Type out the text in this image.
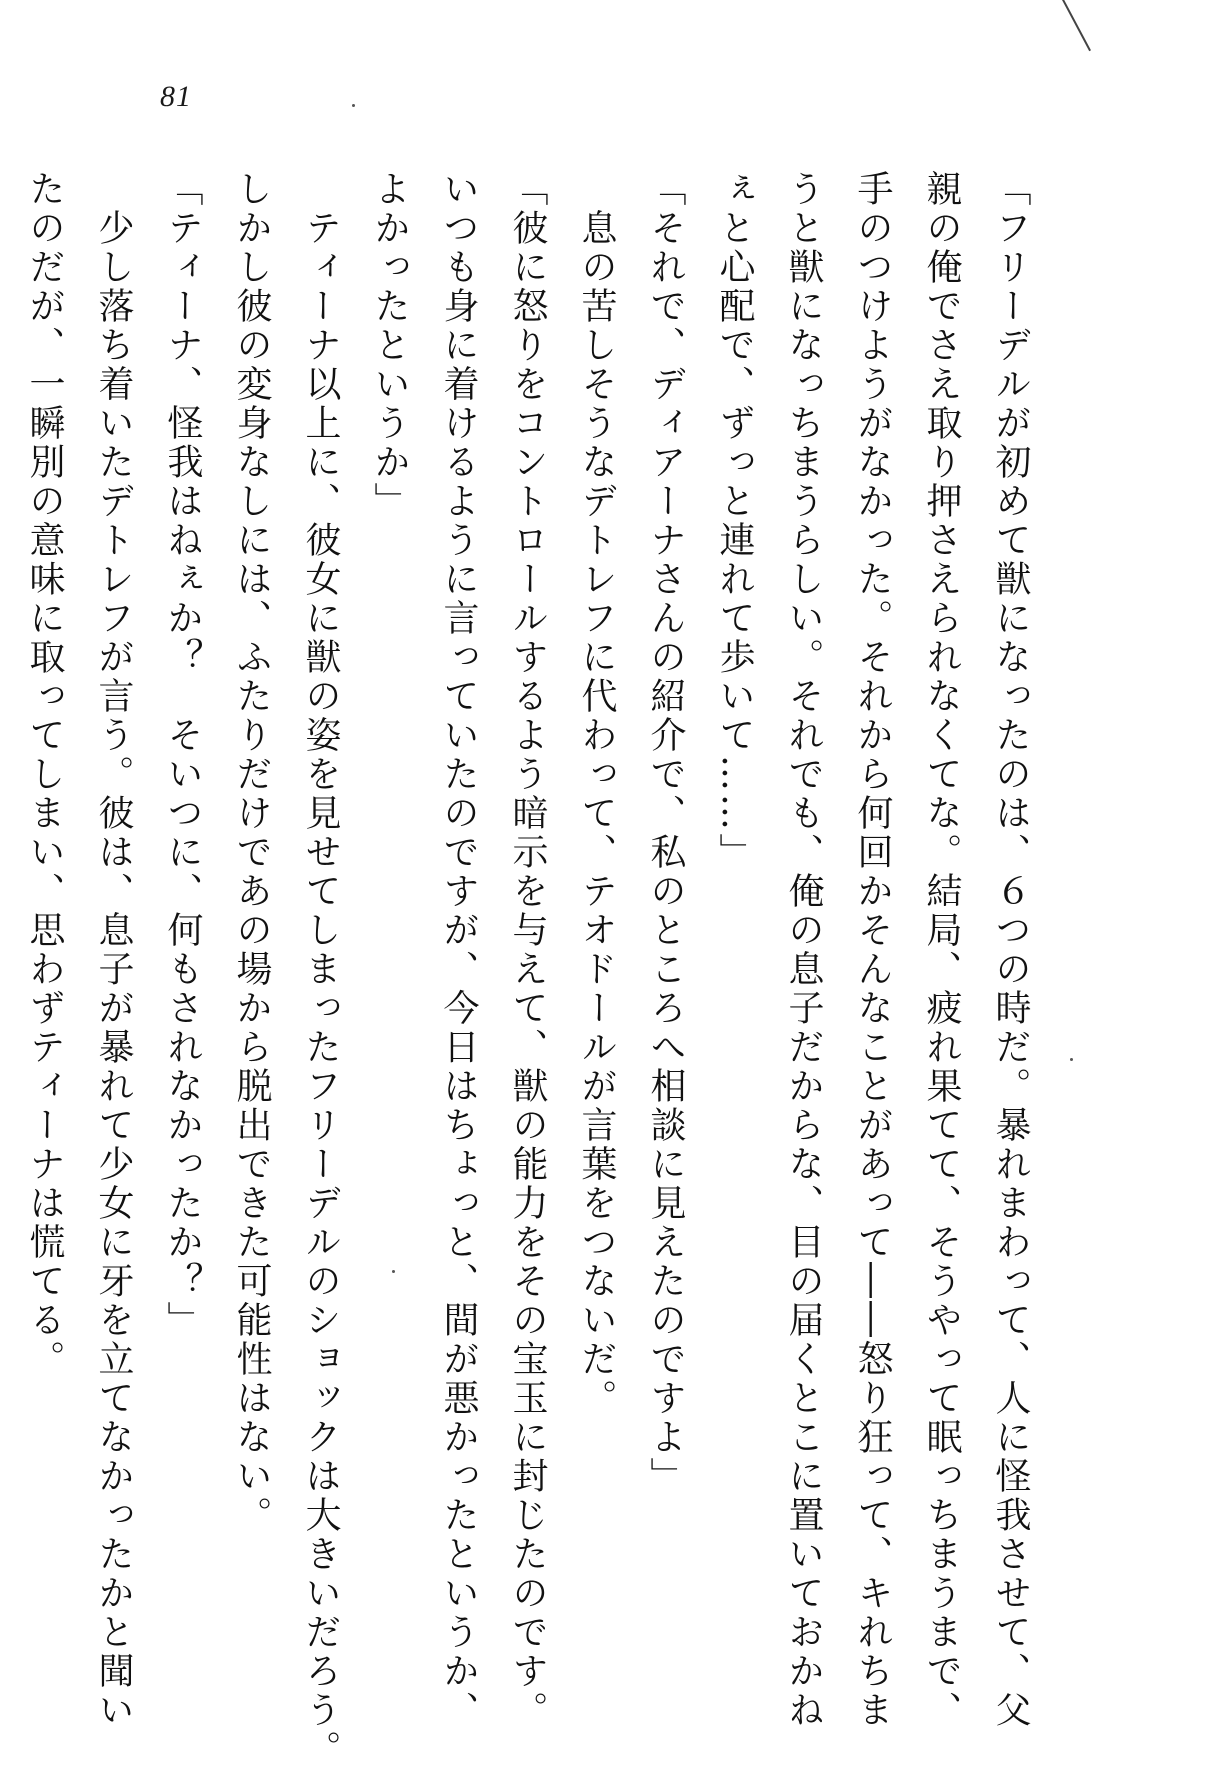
81
「フリーデルが初めて獣になったのは、６つの時だ。暴れまわって、人に怪我させて、父
親の俺でさえ取り押さえられなくてな。結局、疲れ果てて、そうやって眠っちまうまで、
手のつけようがなかった。それから何回かそんなことがあって――怒り狂って、キれちま
うと獣になっちまうらしい。それでも、俺の息子だからな、目の届くとこに置いておかね
ぇと心配で、ずっと連れて歩いて……」
「それで、ディアーナさんの紹介で、私のところへ相談に見えたのですよ」
　息の苦しそうなデトレフに代わって、テオドールが言葉をつないだ。
「彼に怒りをコントロールするよう暗示を与えて、獣の能力をその宝玉に封じたのです。
いつも身に着けるように言っていたのですが、今日はちょっと、間が悪かったというか、
よかったというか」
　ティーナ以上に、彼女に獣の姿を見せてしまったフリーデルのショックは大きいだろう。
しかし彼の変身なしには、ふたりだけであの場から脱出できた可能性はない。
「ティーナ、怪我はねぇか？　そいつに、何もされなかったか？」
　少し落ち着いたデトレフが言う。彼は、息子が暴れて少女に牙を立てなかったかと聞い
たのだが、一瞬別の意味に取ってしまい、思わずティーナは慌てる。
